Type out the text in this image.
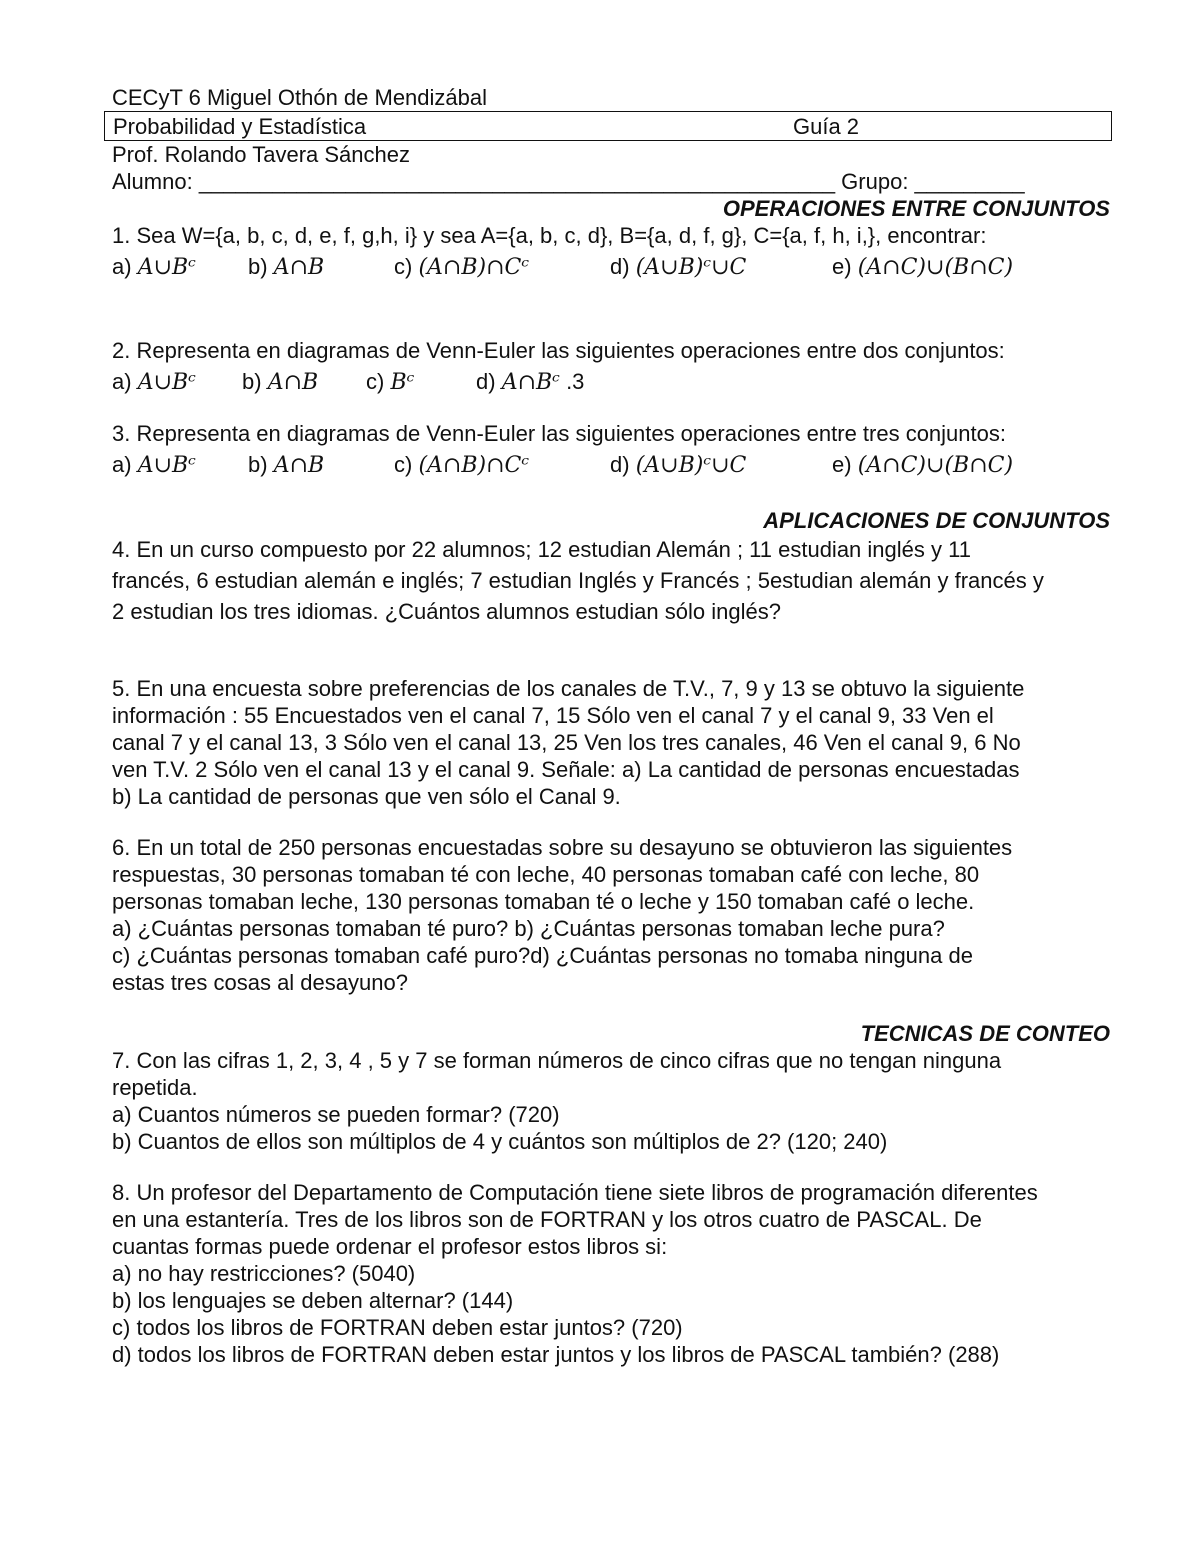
CECyT 6 Miguel Othón de Mendizábal
Probabilidad y Estadística	Guía 2
Prof. Rolando Tavera Sánchez
Alumno: ____________________________________________________ Grupo: _________
OPERACIONES ENTRE CONJUNTOS
1. Sea W={a, b, c, d, e, f, g,h, i} y sea A={a, b, c, d}, B={a, d, f, g}, C={a, f, h, i,}, encontrar:
a) A∪Bᶜ b) A∩B	c) (A∩B)∩Cᶜ	d) (A∪B)ᶜ∪C	e) (A∩C)∪(B∩C)
2. Representa en diagramas de Venn-Euler las siguientes operaciones entre dos conjuntos:
a) A∪Bᶜ b) A∩B c) Bᶜ	d) A∩Bᶜ .3
3. Representa en diagramas de Venn-Euler las siguientes operaciones entre tres conjuntos:
a) A∪Bᶜ b) A∩B	c) (A∩B)∩Cᶜ	d) (A∪B)ᶜ∪C	e) (A∩C)∪(B∩C)
APLICACIONES DE CONJUNTOS
4. En un curso compuesto por 22 alumnos; 12 estudian Alemán ; 11 estudian inglés y 11
francés, 6 estudian alemán e inglés; 7 estudian Inglés y Francés ; 5estudian alemán y francés y
2 estudian los tres idiomas. ¿Cuántos alumnos estudian sólo inglés?
5. En una encuesta sobre preferencias de los canales de T.V., 7, 9 y 13 se obtuvo la siguiente
información : 55 Encuestados ven el canal 7, 15 Sólo ven el canal 7 y el canal 9, 33 Ven el
canal 7 y el canal 13, 3 Sólo ven el canal 13, 25 Ven los tres canales, 46 Ven el canal 9, 6 No
ven T.V. 2 Sólo ven el canal 13 y el canal 9. Señale: a) La cantidad de personas encuestadas
b) La cantidad de personas que ven sólo el Canal 9.
6. En un total de 250 personas encuestadas sobre su desayuno se obtuvieron las siguientes
respuestas, 30 personas tomaban té con leche, 40 personas tomaban café con leche, 80
personas tomaban leche, 130 personas tomaban té o leche y 150 tomaban café o leche.
a) ¿Cuántas personas tomaban té puro? b) ¿Cuántas personas tomaban leche pura?
c) ¿Cuántas personas tomaban café puro?d) ¿Cuántas personas no tomaba ninguna de
estas tres cosas al desayuno?
TECNICAS DE CONTEO
7. Con las cifras 1, 2, 3, 4 , 5 y 7 se forman números de cinco cifras que no tengan ninguna
repetida.
a) Cuantos números se pueden formar? (720)
b) Cuantos de ellos son múltiplos de 4 y cuántos son múltiplos de 2? (120; 240)
8. Un profesor del Departamento de Computación tiene siete libros de programación diferentes
en una estantería. Tres de los libros son de FORTRAN y los otros cuatro de PASCAL. De
cuantas formas puede ordenar el profesor estos libros si:
a) no hay restricciones? (5040)
b) los lenguajes se deben alternar? (144)
c) todos los libros de FORTRAN deben estar juntos? (720)
d) todos los libros de FORTRAN deben estar juntos y los libros de PASCAL también? (288)
